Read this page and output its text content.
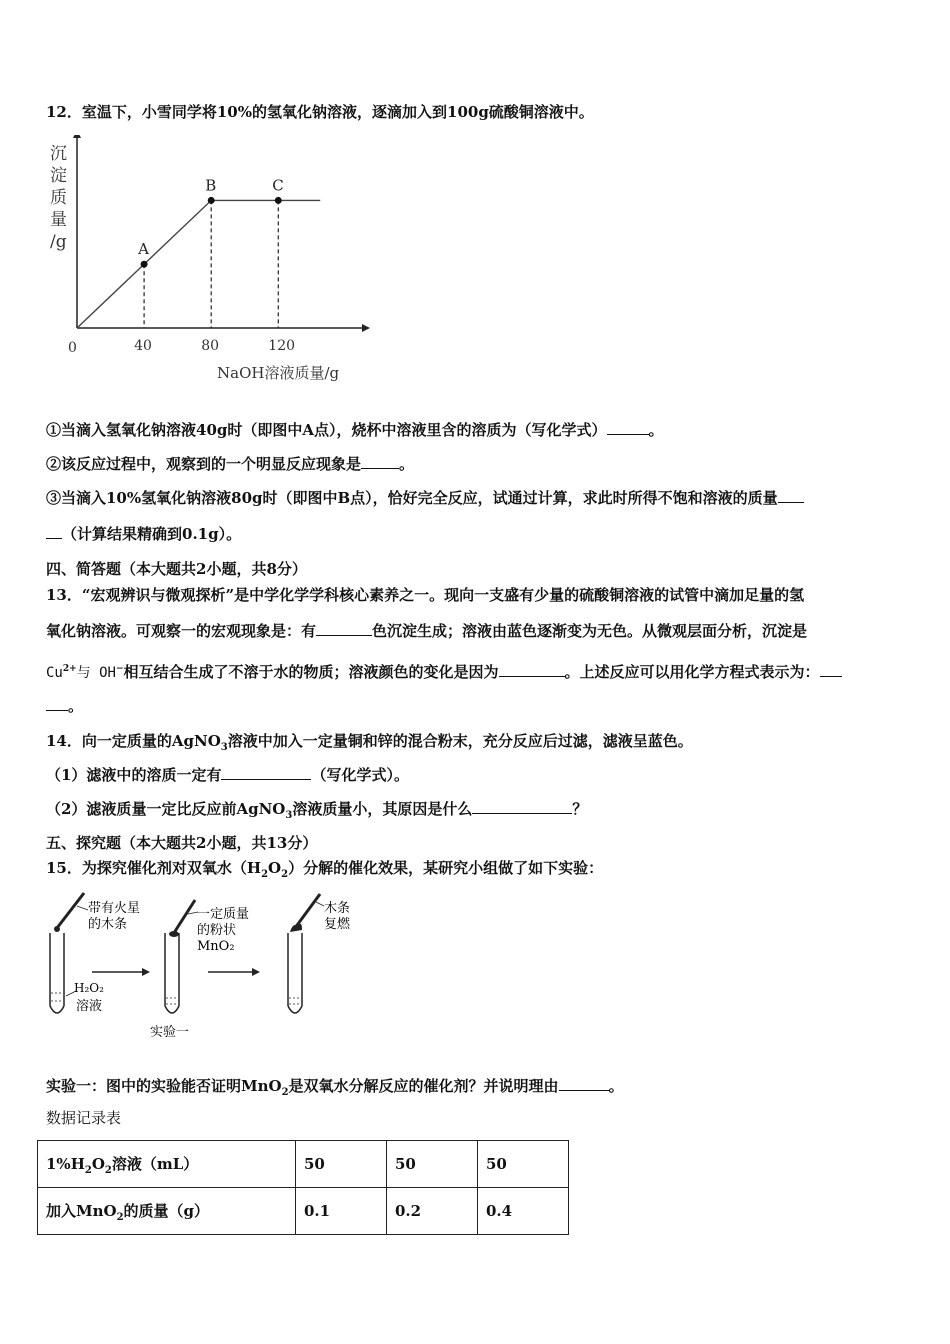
12．室温下，小雪同学将10%的氢氧化钠溶液，逐滴加入到100g硫酸铜溶液中。
沉
淀
质
量
/g
0
A
40
B
80
C
120
NaOH溶液质量/g
①当滴入氢氧化钠溶液40g时（即图中A点），烧杯中溶液里含的溶质为（写化学式）	。
②该反应过程中，观察到的一个明显反应现象是	。
③当滴入10%氢氧化钠溶液80g时（即图中B点），恰好完全反应，试通过计算，求此时所得不饱和溶液的质量
（计算结果精确到0.1g）。
四、简答题（本大题共2小题，共8分）
13．“宏观辨识与微观探析”是中学化学学科核心素养之一。现向一支盛有少量的硫酸铜溶液的试管中滴加足量的氢
氧化钠溶液。可观察一的宏观现象是：有	色沉淀生成；溶液由蓝色逐渐变为无色。从微观层面分析，沉淀是
$Cu^{2+}$与 OH−相互结合生成了不溶于水的物质；溶液颜色的变化是因为	。上述反应可以用化学方程式表示为：
。
14．向一定质量的AgNO$_3$溶液中加入一定量铜和锌的混合粉末，充分反应后过滤，滤液呈蓝色。
（1）滤液中的溶质一定有	（写化学式）。
（2）滤液质量一定比反应前AgNO$_3$溶液质量小，其原因是什么	？
五、探究题（本大题共2小题，共13分）
15．为探究催化剂对双氧水$(H_2O_2)$分解的催化效果，某研究小组做了如下实验：
带有火星
的木条
H₂O₂
溶液
一定质量
的粉状
MnO₂
实验一
木条
复燃
实验一：图中的实验能否证明MnO$_2$是双氧水分解反应的催化剂？并说明理由	。
数据记录表
$1\%H_2O_2$溶液（mL）	50	50	50
加入MnO$_2$的质量（g）	0.1	0.2	0.4
